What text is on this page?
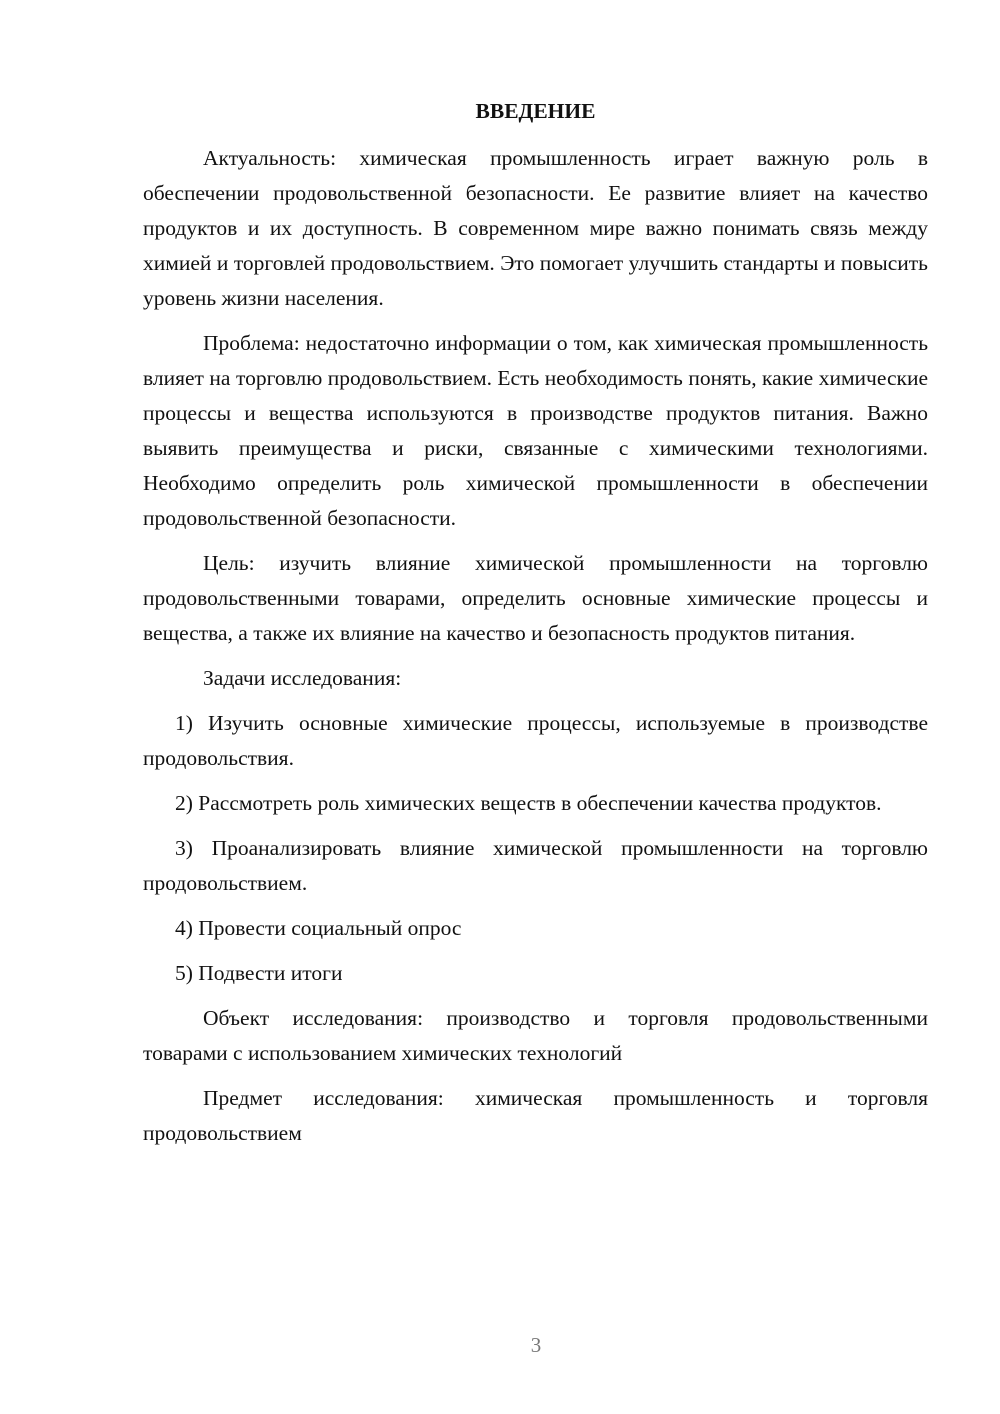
ВВЕДЕНИЕ

Актуальность: химическая промышленность играет важную роль в обеспечении продовольственной безопасности. Ее развитие влияет на качество продуктов и их доступность. В современном мире важно понимать связь между химией и торговлей продовольствием. Это помогает улучшить стандарты и повысить уровень жизни населения.

Проблема: недостаточно информации о том, как химическая промышленность влияет на торговлю продовольствием. Есть необходимость понять, какие химические процессы и вещества используются в производстве продуктов питания. Важно выявить преимущества и риски, связанные с химическими технологиями. Необходимо определить роль химической промышленности в обеспечении продовольственной безопасности.

Цель: изучить влияние химической промышленности на торговлю продовольственными товарами, определить основные химические процессы и вещества, а также их влияние на качество и безопасность продуктов питания.

Задачи исследования:

1) Изучить основные химические процессы, используемые в производстве продовольствия.

2) Рассмотреть роль химических веществ в обеспечении качества продуктов.

3) Проанализировать влияние химической промышленности на торговлю продовольствием.

4) Провести социальный опрос

5) Подвести итоги

Объект исследования: производство и торговля продовольственными товарами с использованием химических технологий

Предмет исследования: химическая промышленность и торговля продовольствием

3
